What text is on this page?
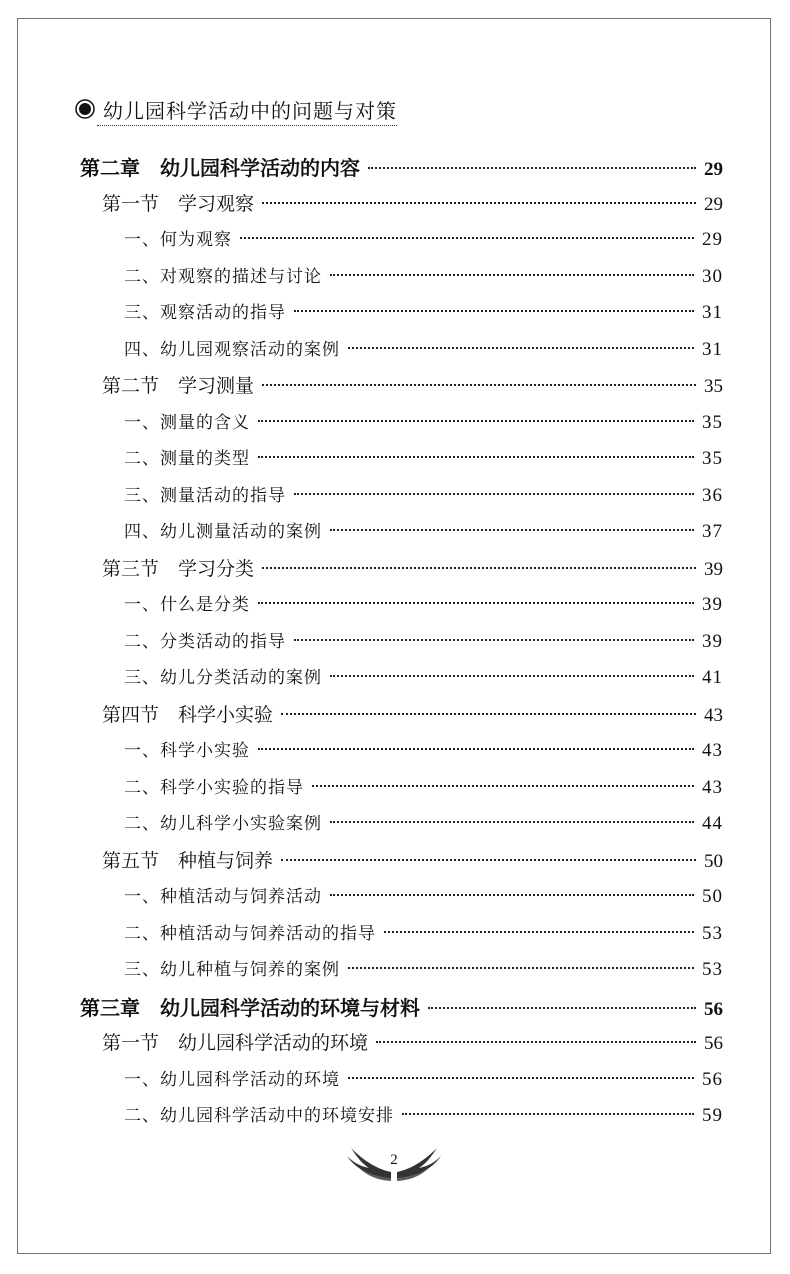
幼儿园科学活动中的问题与对策
第二章　幼儿园科学活动的内容	29
第一节　学习观察	29
一、何为观察	29
二、对观察的描述与讨论	30
三、观察活动的指导	31
四、幼儿园观察活动的案例	31
第二节　学习测量	35
一、测量的含义	35
二、测量的类型	35
三、测量活动的指导	36
四、幼儿测量活动的案例	37
第三节　学习分类	39
一、什么是分类	39
二、分类活动的指导	39
三、幼儿分类活动的案例	41
第四节　科学小实验	43
一、科学小实验	43
二、科学小实验的指导	43
二、幼儿科学小实验案例	44
第五节　种植与饲养	50
一、种植活动与饲养活动	50
二、种植活动与饲养活动的指导	53
三、幼儿种植与饲养的案例	53
第三章　幼儿园科学活动的环境与材料	56
第一节　幼儿园科学活动的环境	56
一、幼儿园科学活动的环境	56
二、幼儿园科学活动中的环境安排	59
2
